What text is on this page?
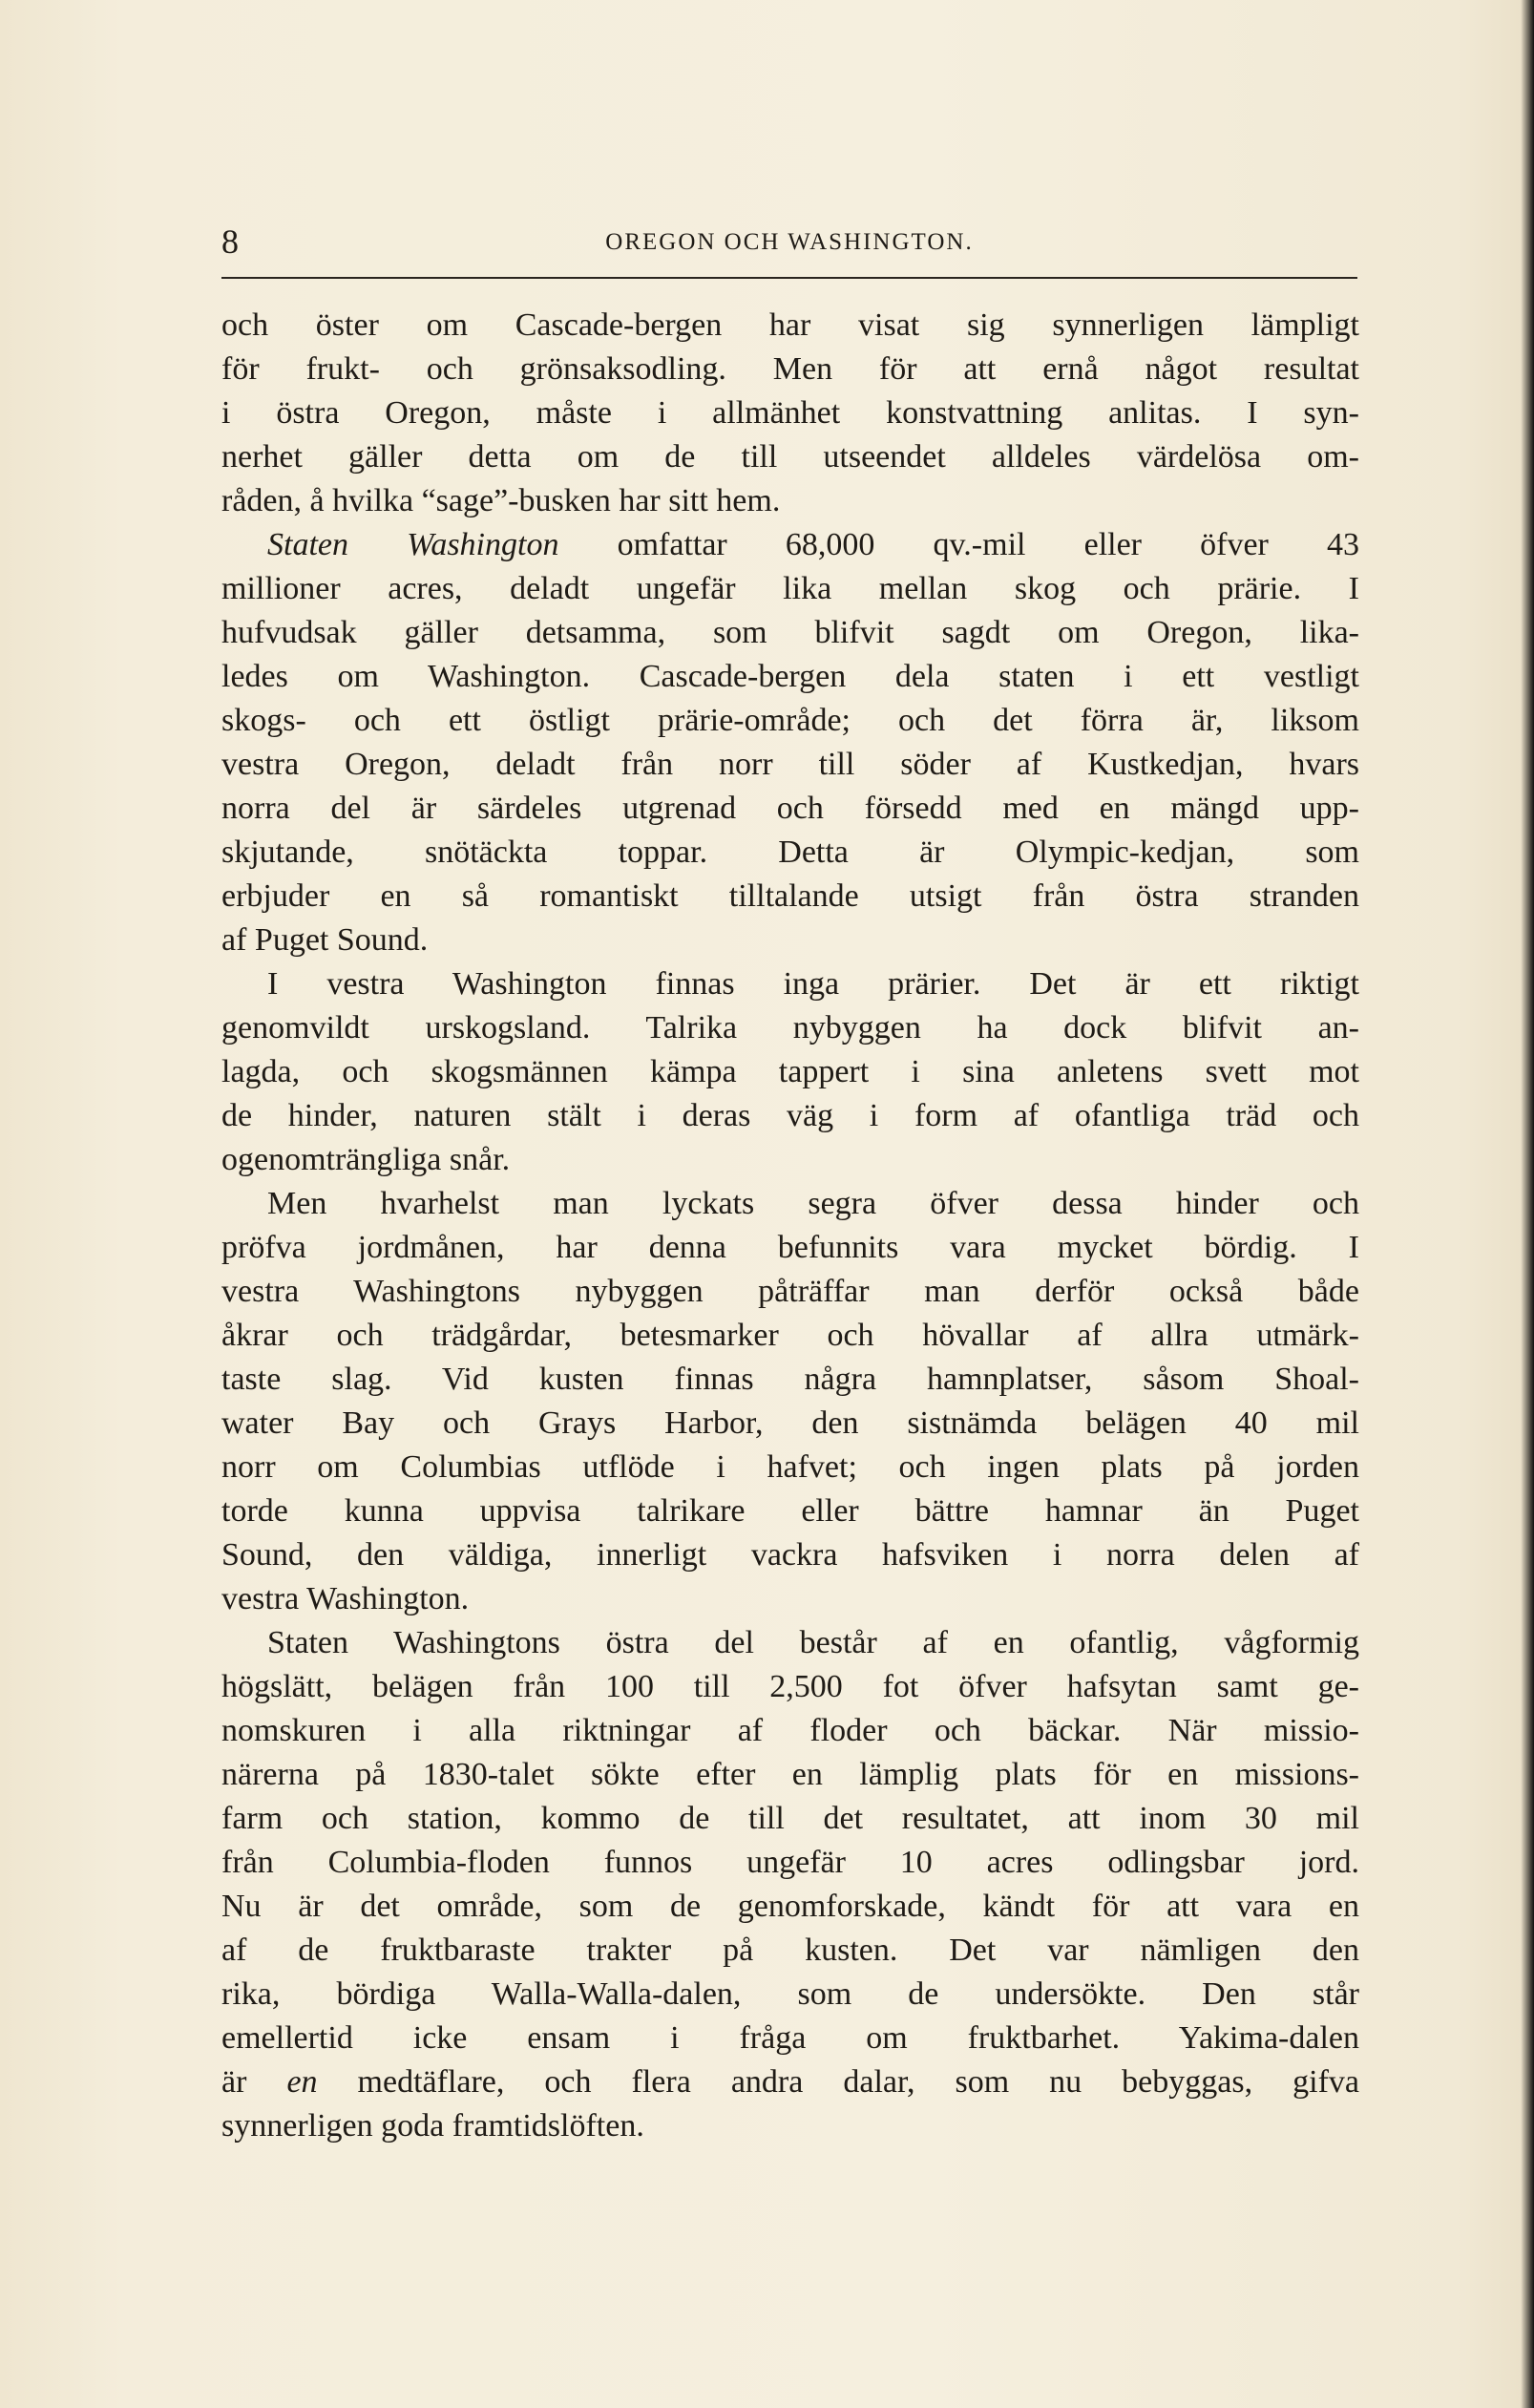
8	OREGON OCH WASHINGTON.
och öster om Cascade-bergen har visat sig synnerligen lämpligt
för frukt- och grönsaksodling. Men för att ernå något resultat
i östra Oregon, måste i allmänhet konstvattning anlitas. I syn-
nerhet gäller detta om de till utseendet alldeles värdelösa om-
råden, å hvilka “sage”-busken har sitt hem.
Staten Washington omfattar 68,000 qv.-mil eller öfver 43
millioner acres, deladt ungefär lika mellan skog och prärie. I
hufvudsak gäller detsamma, som blifvit sagdt om Oregon, lika-
ledes om Washington. Cascade-bergen dela staten i ett vestligt
skogs- och ett östligt prärie-område; och det förra är, liksom
vestra Oregon, deladt från norr till söder af Kustkedjan, hvars
norra del är särdeles utgrenad och försedd med en mängd upp-
skjutande, snötäckta toppar. Detta är Olympic-kedjan, som
erbjuder en så romantiskt tilltalande utsigt från östra stranden
af Puget Sound.
I vestra Washington finnas inga prärier. Det är ett riktigt
genomvildt urskogsland. Talrika nybyggen ha dock blifvit an-
lagda, och skogsmännen kämpa tappert i sina anletens svett mot
de hinder, naturen stält i deras väg i form af ofantliga träd och
ogenomträngliga snår.
Men hvarhelst man lyckats segra öfver dessa hinder och
pröfva jordmånen, har denna befunnits vara mycket bördig. I
vestra Washingtons nybyggen påträffar man derför också både
åkrar och trädgårdar, betesmarker och hövallar af allra utmärk-
taste slag. Vid kusten finnas några hamnplatser, såsom Shoal-
water Bay och Grays Harbor, den sistnämda belägen 40 mil
norr om Columbias utflöde i hafvet; och ingen plats på jorden
torde kunna uppvisa talrikare eller bättre hamnar än Puget
Sound, den väldiga, innerligt vackra hafsviken i norra delen af
vestra Washington.
Staten Washingtons östra del består af en ofantlig, vågformig
högslätt, belägen från 100 till 2,500 fot öfver hafsytan samt ge-
nomskuren i alla riktningar af floder och bäckar. När missio-
närerna på 1830-talet sökte efter en lämplig plats för en missions-
farm och station, kommo de till det resultatet, att inom 30 mil
från Columbia-floden funnos ungefär 10 acres odlingsbar jord.
Nu är det område, som de genomforskade, kändt för att vara en
af de fruktbaraste trakter på kusten. Det var nämligen den
rika, bördiga Walla-Walla-dalen, som de undersökte. Den står
emellertid icke ensam i fråga om fruktbarhet. Yakima-dalen
är en medtäflare, och flera andra dalar, som nu bebyggas, gifva
synnerligen goda framtidslöften.
